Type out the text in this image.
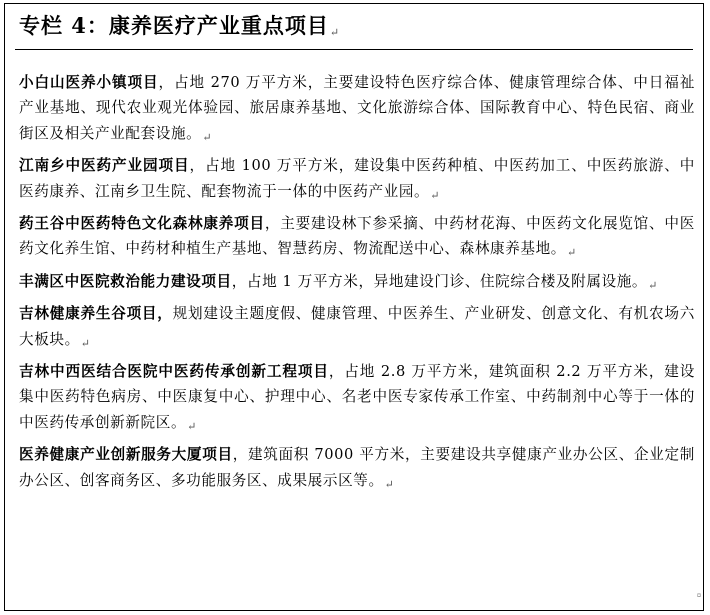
专栏 4：康养医疗产业重点项目↵

小白山医养小镇项目，占地 270 万平方米，主要建设特色医疗综合体、健康管理综合体、中日福祉产业基地、现代农业观光体验园、旅居康养基地、文化旅游综合体、国际教育中心、特色民宿、商业街区及相关产业配套设施。$_↵$

江南乡中医药产业园项目，占地 100 万平方米，建设集中医药种植、中医药加工、中医药旅游、中医药康养、江南乡卫生院、配套物流于一体的中医药产业园。$_↵$

药王谷中医药特色文化森林康养项目，主要建设林下参采摘、中药材花海、中医药文化展览馆、中医药文化养生馆、中药材种植生产基地、智慧药房、物流配送中心、森林康养基地。$_↵$

丰满区中医院救治能力建设项目，占地 1 万平方米，异地建设门诊、住院综合楼及附属设施。$_↵$

吉林健康养生谷项目，规划建设主题度假、健康管理、中医养生、产业研发、创意文化、有机农场六大板块。$_↵$

吉林中西医结合医院中医药传承创新工程项目，占地 2.8 万平方米，建筑面积 2.2 万平方米，建设集中医药特色病房、中医康复中心、护理中心、名老中医专家传承工作室、中药制剂中心等于一体的中医药传承创新新院区。$_↵$

医养健康产业创新服务大厦项目，建筑面积 7000 平方米，主要建设共享健康产业办公区、企业定制办公区、创客商务区、多功能服务区、成果展示区等。$_↵$

¤
